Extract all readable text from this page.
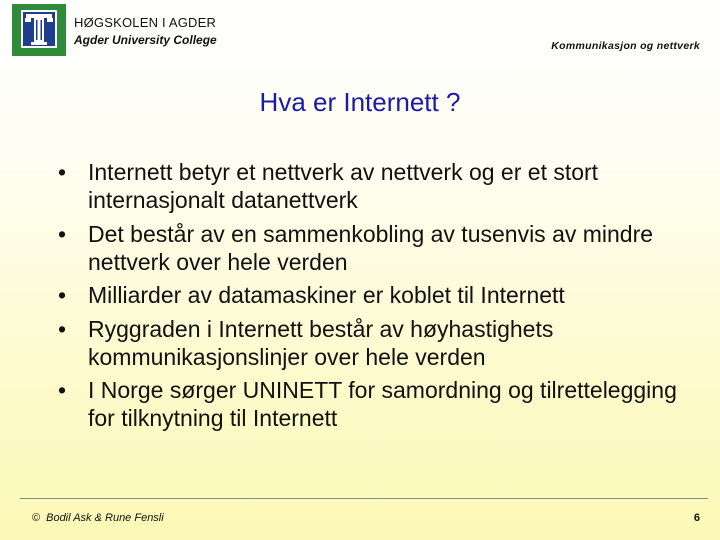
HØGSKOLEN I AGDER
Agder University College	Kommunikasjon og nettverk
Hva er Internett ?
• Internett betyr et nettverk av nettverk og er et stort internasjonalt datanettverk
• Det består av en sammenkobling av tusenvis av mindre nettverk over hele verden
• Milliarder av datamaskiner er koblet til Internett
• Ryggraden i Internett består av høyhastighets kommunikasjonslinjer over hele verden
• I Norge sørger UNINETT for samordning og tilrettelegging for tilknytning til Internett
© Bodil Ask & Rune Fensli	6
